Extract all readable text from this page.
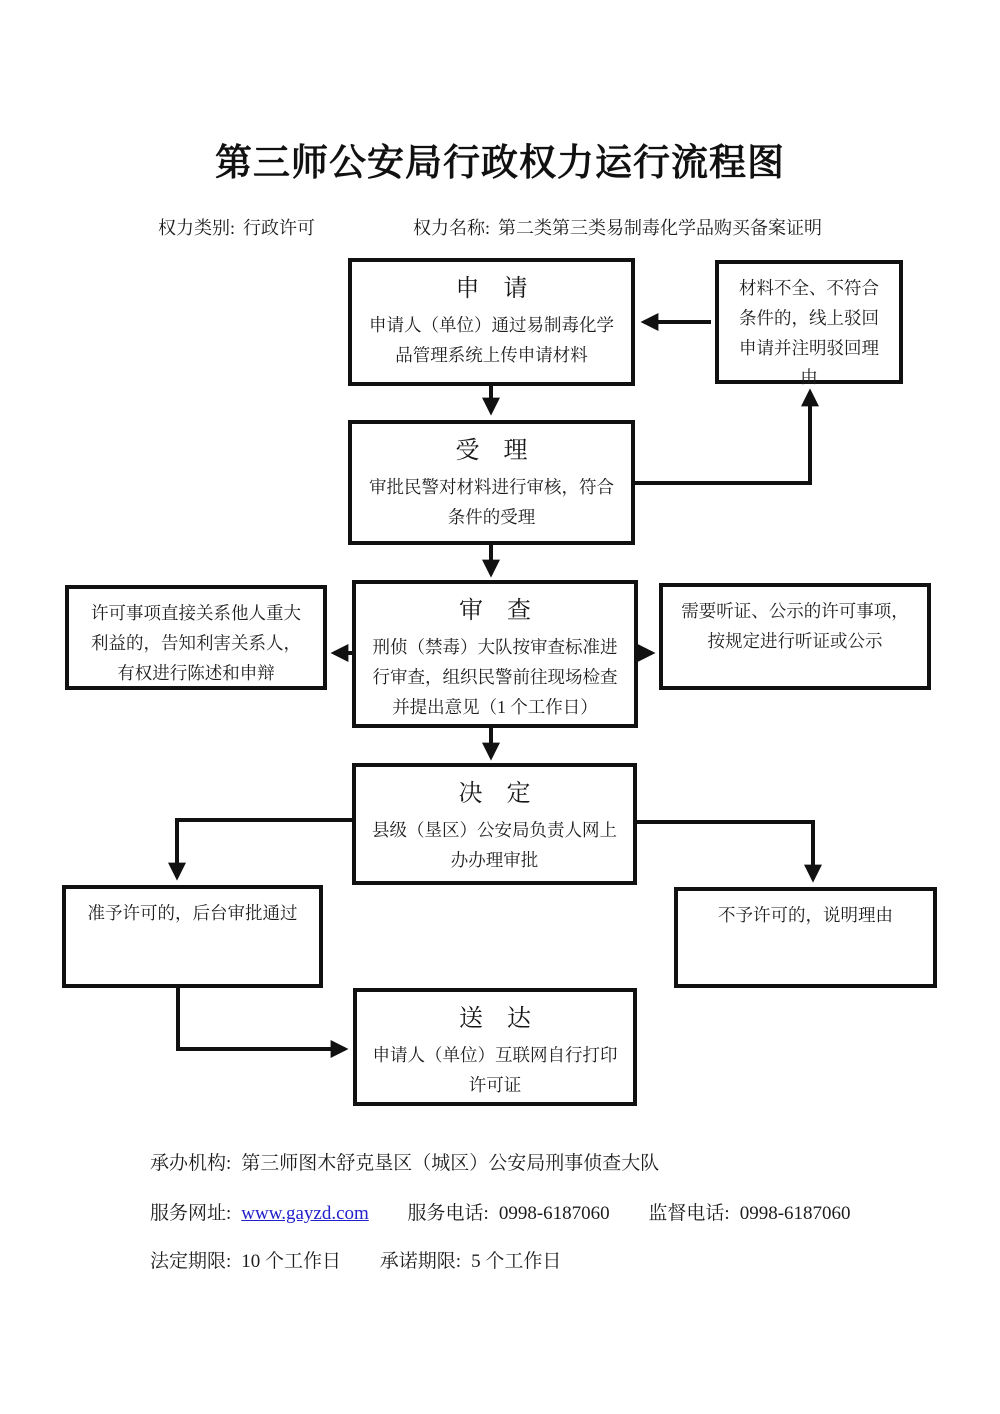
第三师公安局行政权力运行流程图
权力类别: 行政许可	权力名称: 第二类第三类易制毒化学品购买备案证明
申　请
申请人（单位）通过易制毒化学品管理系统上传申请材料
材料不全、不符合条件的，线上驳回申请并注明驳回理由
受　理
审批民警对材料进行审核，符合条件的受理
审　查
刑侦（禁毒）大队按审查标准进行审查，组织民警前往现场检查并提出意见（1 个工作日）
许可事项直接关系他人重大利益的，告知利害关系人，有权进行陈述和申辩
需要听证、公示的许可事项，按规定进行听证或公示
决　定
县级（垦区）公安局负责人网上办办理审批
准予许可的，后台审批通过	不予许可的，说明理由
送　达
申请人（单位）互联网自行打印许可证
承办机构: 第三师图木舒克垦区（城区）公安局刑事侦查大队
服务网址: www.gayzd.com 服务电话: 0998-6187060 监督电话: 0998-6187060
法定期限: 10 个工作日 承诺期限: 5 个工作日
